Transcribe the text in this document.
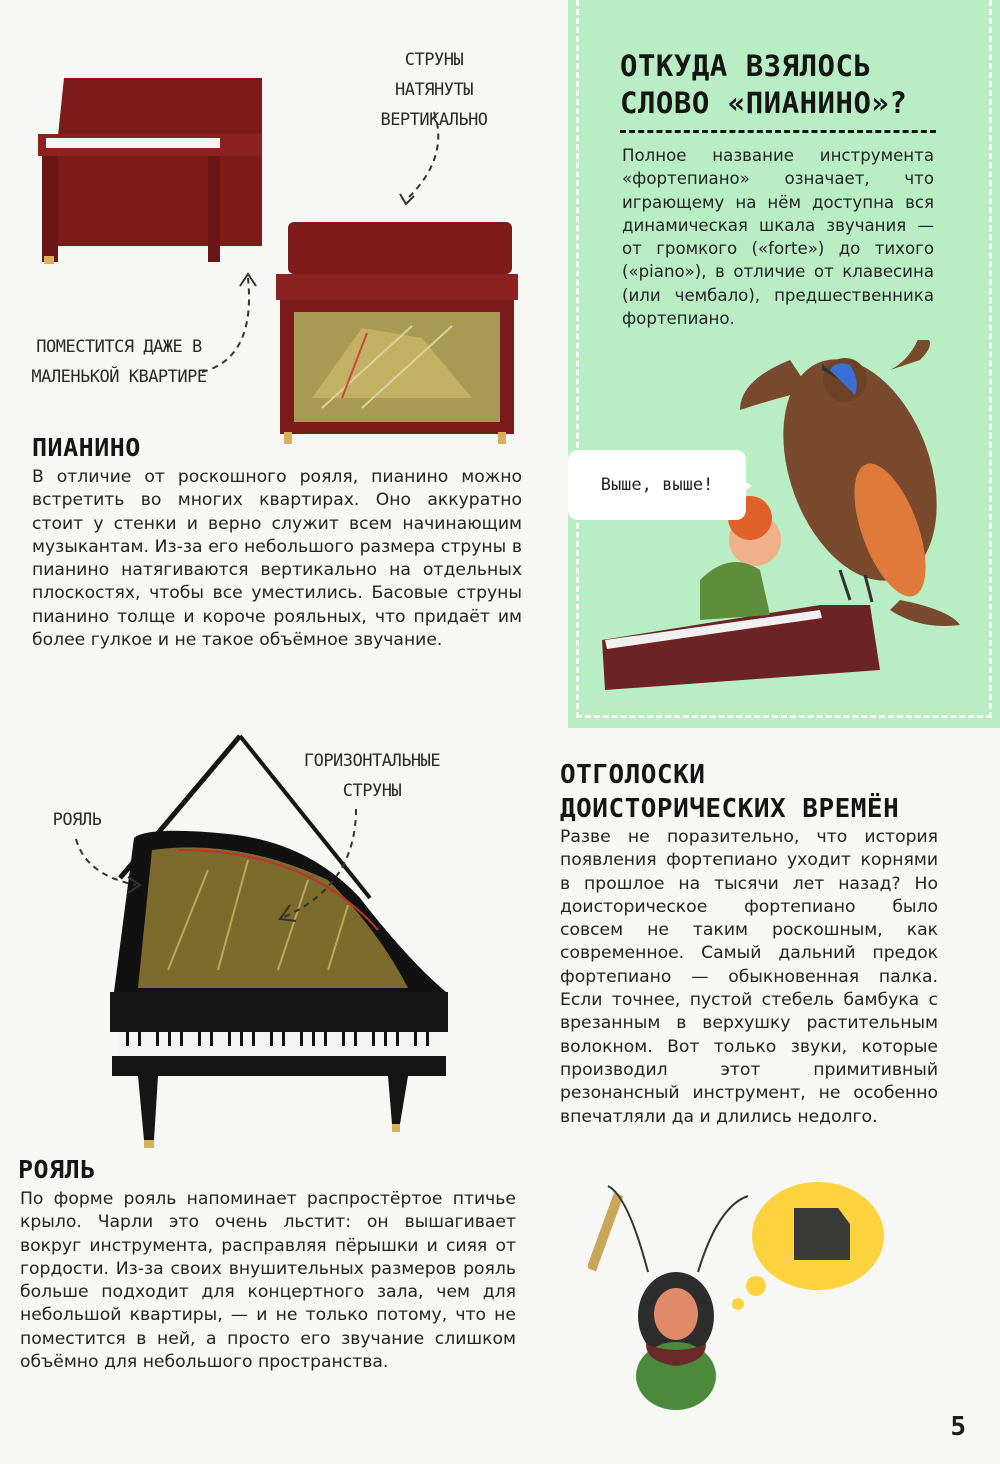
ОТКУДА ВЗЯЛОСЬ СЛОВО «ПИАНИНО»?
Полное название инструмента «фортепиано» означает, что играющему на нём доступна вся динамическая шкала звучания — от громкого («forte») до тихого («piano»), в отличие от клавесина (или чембало), предшественника фортепиано.
Выше, выше!
СТРУНЫ НАТЯНУТЫ ВЕРТИКАЛЬНО
ПОМЕСТИТСЯ ДАЖЕ В МАЛЕНЬКОЙ КВАРТИРЕ
ПИАНИНО
В отличие от роскошного рояля, пианино можно встретить во многих квартирах. Оно аккуратно стоит у стенки и верно служит всем начинающим музыкантам. Из-за его небольшого размера струны в пианино натягиваются вертикально на отдельных плоскостях, чтобы все уместились. Басовые струны пианино толще и короче рояльных, что придаёт им более гулкое и не такое объёмное звучание.
РОЯЛЬ
ГОРИЗОНТАЛЬНЫЕ СТРУНЫ
РОЯЛЬ
По форме рояль напоминает распростёртое птичье крыло. Чарли это очень льстит: он вышагивает вокруг инструмента, расправляя пёрышки и сияя от гордости. Из-за своих внушительных размеров рояль больше подходит для концертного зала, чем для небольшой квартиры, — и не только потому, что не поместится в ней, а просто его звучание слишком объёмно для небольшого пространства.
ОТГОЛОСКИ ДОИСТОРИЧЕСКИХ ВРЕМЁН
Разве не поразительно, что история появления фортепиано уходит корнями в прошлое на тысячи лет назад? Но доисторическое фортепиано было совсем не таким роскошным, как современное. Самый дальний предок фортепиано — обыкновенная палка. Если точнее, пустой стебель бамбука с врезанным в верхушку растительным волокном. Вот только звуки, которые производил этот примитивный резонансный инструмент, не особенно впечатляли да и длились недолго.
5
